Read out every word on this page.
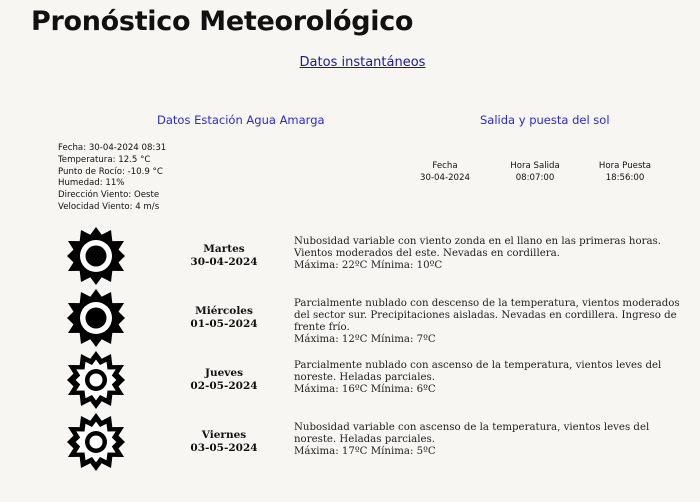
Pronóstico Meteorológico
Datos instantáneos
Datos Estación Agua Amarga	Salida y puesta del sol
Fecha: 30-04-2024 08:31
Temperatura: 12.5 °C
Punto de Rocío: -10.9 °C
Humedad: 11%
Dirección Viento: Oeste
Velocidad Viento: 4 m/s
Fecha	Hora Salida	Hora Puesta
30-04-2024	08:07:00	18:56:00
Martes
30-04-2024
Nubosidad variable con viento zonda en el llano en las primeras horas. Vientos moderados del este. Nevadas en cordillera.
Máxima: 22ºC Mínima: 10ºC
Miércoles
01-05-2024
Parcialmente nublado con descenso de la temperatura, vientos moderados del sector sur. Precipitaciones aisladas. Nevadas en cordillera. Ingreso de frente frío.
Máxima: 12ºC Mínima: 7ºC
Jueves
02-05-2024
Parcialmente nublado con ascenso de la temperatura, vientos leves del noreste. Heladas parciales.
Máxima: 16ºC Mínima: 6ºC
Viernes
03-05-2024
Nubosidad variable con ascenso de la temperatura, vientos leves del noreste. Heladas parciales.
Máxima: 17ºC Mínima: 5ºC
